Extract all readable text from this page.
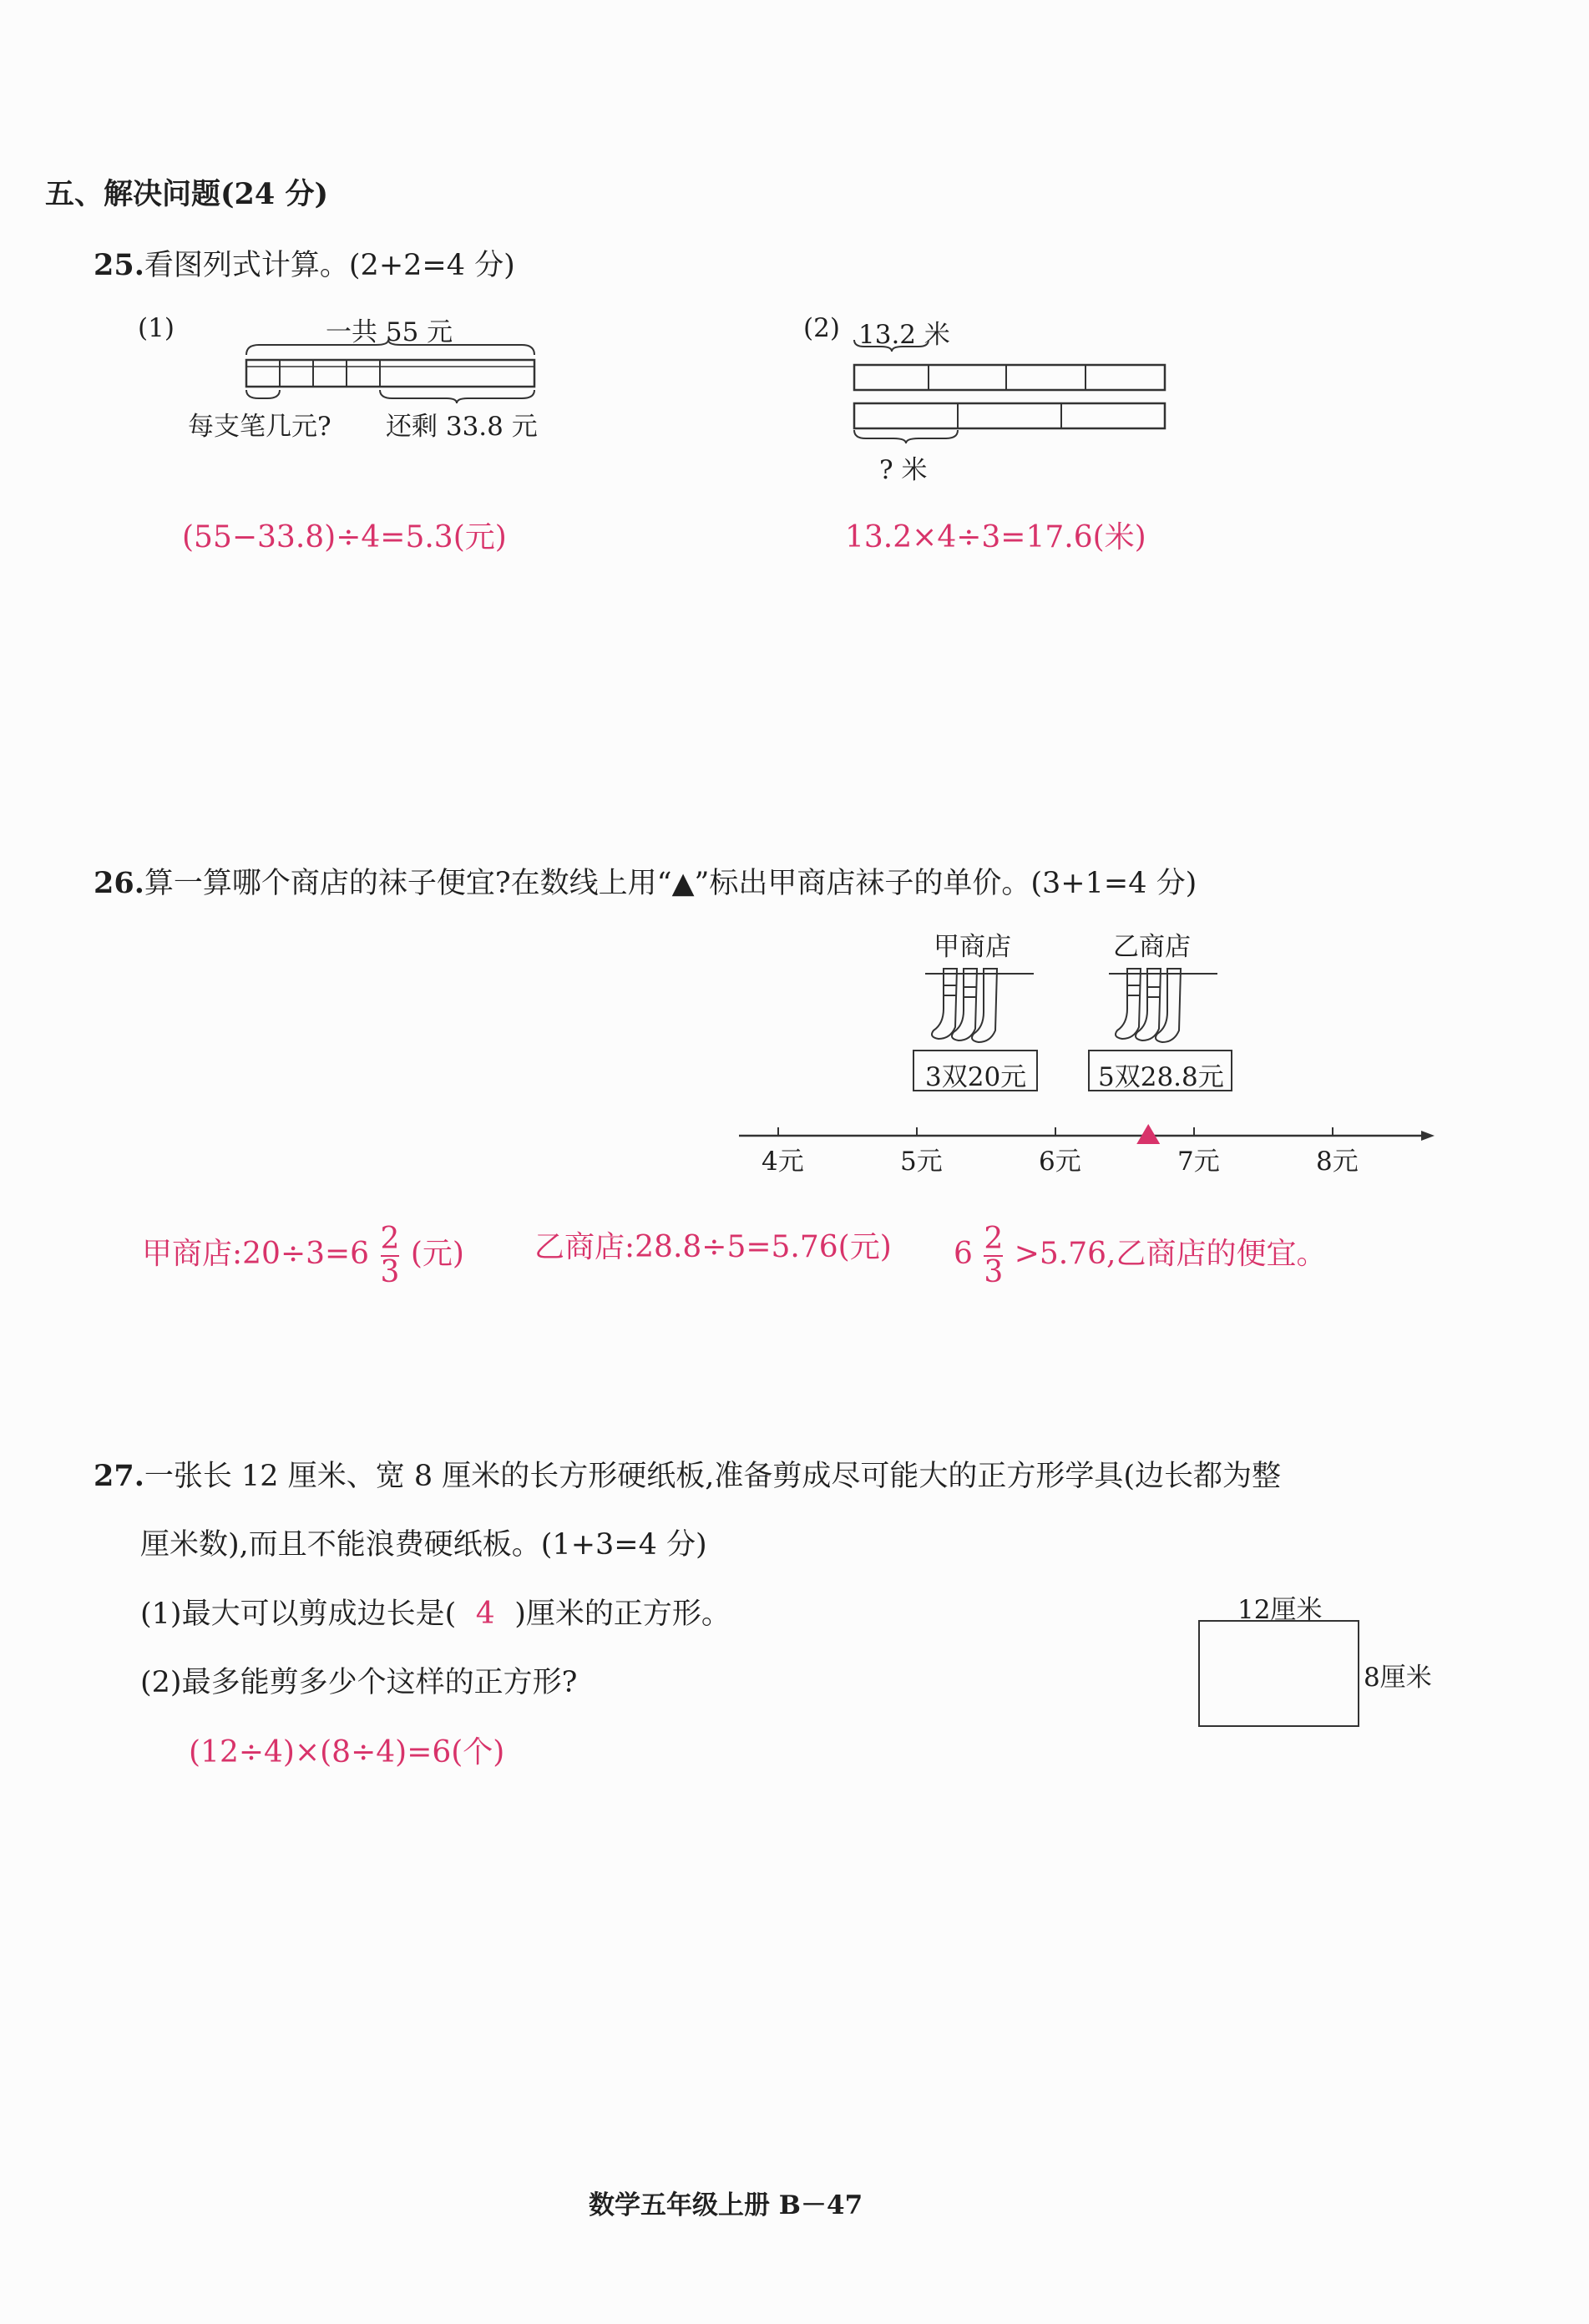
五、解决问题(24 分)
25.看图列式计算。(2+2=4 分)
(1)	一共 55 元
每支笔几元? 还剩 33.8 元
(55−33.8)÷4=5.3(元)
(2) 13.2 米
? 米
13.2×4÷3=17.6(米)
26.算一算哪个商店的袜子便宜?在数线上用“▲”标出甲商店袜子的单价。(3+1=4 分)
甲商店	乙商店
3双20元	5双28.8元
4元	5元	6元	7元	8元
甲商店:20÷3=6 $\frac{2}{3}$ (元) 乙商店:28.8÷5=5.76(元) $6 \frac{2}{3} >5.76$,乙商店的便宜。
27.一张长 12 厘米、宽 8 厘米的长方形硬纸板,准备剪成尽可能大的正方形学具(边长都为整
厘米数),而且不能浪费硬纸板。(1+3=4 分)
(1)最大可以剪成边长是( 4 )厘米的正方形。
(2)最多能剪多少个这样的正方形?
(12÷4)×(8÷4)=6(个)
12厘米
8厘米
数学五年级上册 B－47
